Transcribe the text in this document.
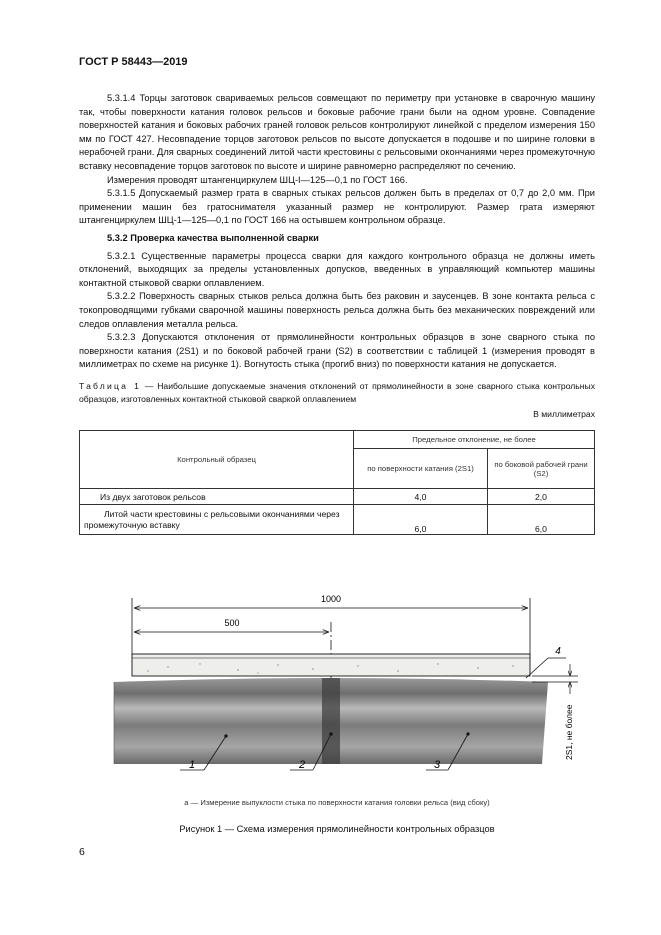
ГОСТ Р 58443—2019

5.3.1.4 Торцы заготовок свариваемых рельсов совмещают по периметру при установке в сварочную машину так, чтобы поверхности катания головок рельсов и боковые рабочие грани были на одном уровне. Совпадение поверхностей катания и боковых рабочих граней головок рельсов контролируют линейкой с пределом измерения 150 мм по ГОСТ 427. Несовпадение торцов заготовок рельсов по высоте допускается в подошве и по ширине головки в нерабочей грани. Для сварных соединений литой части крестовины с рельсовыми окончаниями через промежуточную вставку несовпадение торцов заготовок по высоте и ширине равномерно распределяют по сечению.

Измерения проводят штангенциркулем ШЦ-I—125—0,1 по ГОСТ 166.

5.3.1.5 Допускаемый размер грата в сварных стыках рельсов должен быть в пределах от 0,7 до 2,0 мм. При применении машин без гратоснимателя указанный размер не контролируют. Размер грата измеряют штангенциркулем ШЦ-1—125—0,1 по ГОСТ 166 на остывшем контрольном образце.

5.3.2 Проверка качества выполненной сварки

5.3.2.1 Существенные параметры процесса сварки для каждого контрольного образца не должны иметь отклонений, выходящих за пределы установленных допусков, введенных в управляющий компьютер машины контактной стыковой сварки оплавлением.

5.3.2.2 Поверхность сварных стыков рельса должна быть без раковин и заусенцев. В зоне контакта рельса с токопроводящими губками сварочной машины поверхность рельса должна быть без механических повреждений или следов оплавления металла рельса.

5.3.2.3 Допускаются отклонения от прямолинейности контрольных образцов в зоне сварного стыка по поверхности катания (2S1) и по боковой рабочей грани (S2) в соответствии с таблицей 1 (измерения проводят в миллиметрах по схеме на рисунке 1). Вогнутость стыка (прогиб вниз) по поверхности катания не допускается.

Таблица 1 — Наибольшие допускаемые значения отклонений от прямолинейности в зоне сварного стыка контрольных образцов, изготовленных контактной стыковой сваркой оплавлением
В миллиметрах
Контрольный образец	Предельное отклонение, не более	
	по поверхности катания (2S1)	по боковой рабочей грани (S2)
Из двух заготовок рельсов	4,0	2,0

Литой части крестовины с рельсовыми окончаниями через промежуточную вставку	6,0	6,0
1000
500
4
2S1, не более
1	2	3
а — Измерение выпуклости стыка по поверхности катания головки рельса (вид сбоку)
Рисунок 1 — Схема измерения прямолинейности контрольных образцов
6
